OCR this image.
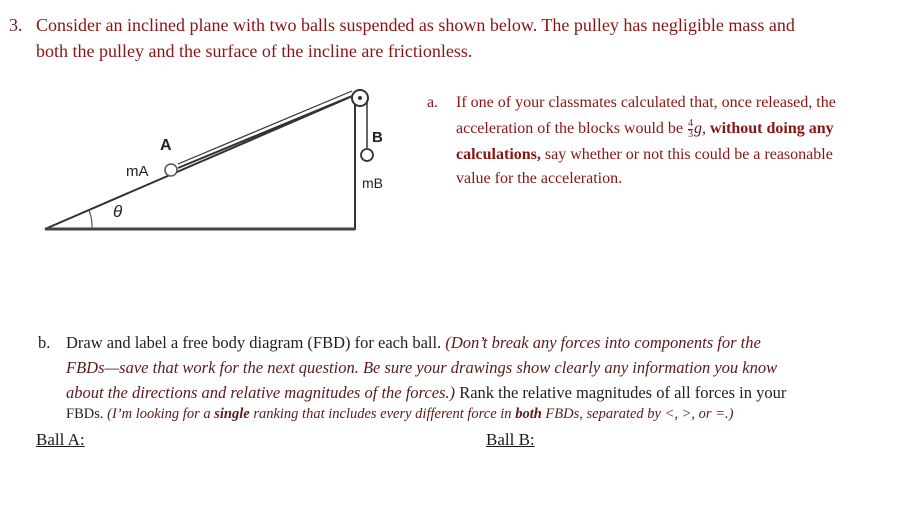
3. Consider an inclined plane with two balls suspended as shown below. The pulley has negligible mass and
both the pulley and the surface of the incline are frictionless.
A	B
mA
mB
θ
a. If one of your classmates calculated that, once released, the
acceleration of the blocks would be $\frac{4}{3} g$, without doing any
calculations, say whether or not this could be a reasonable
value for the acceleration.
b. Draw and label a free body diagram (FBD) for each ball. (Don’t break any forces into components for the
FBDs—save that work for the next question. Be sure your drawings show clearly any information you know
about the directions and relative magnitudes of the forces.) Rank the relative magnitudes of all forces in your
FBDs. (I’m looking for a single ranking that includes every different force in both FBDs, separated by <, >, or =.)
Ball A:	Ball B:
